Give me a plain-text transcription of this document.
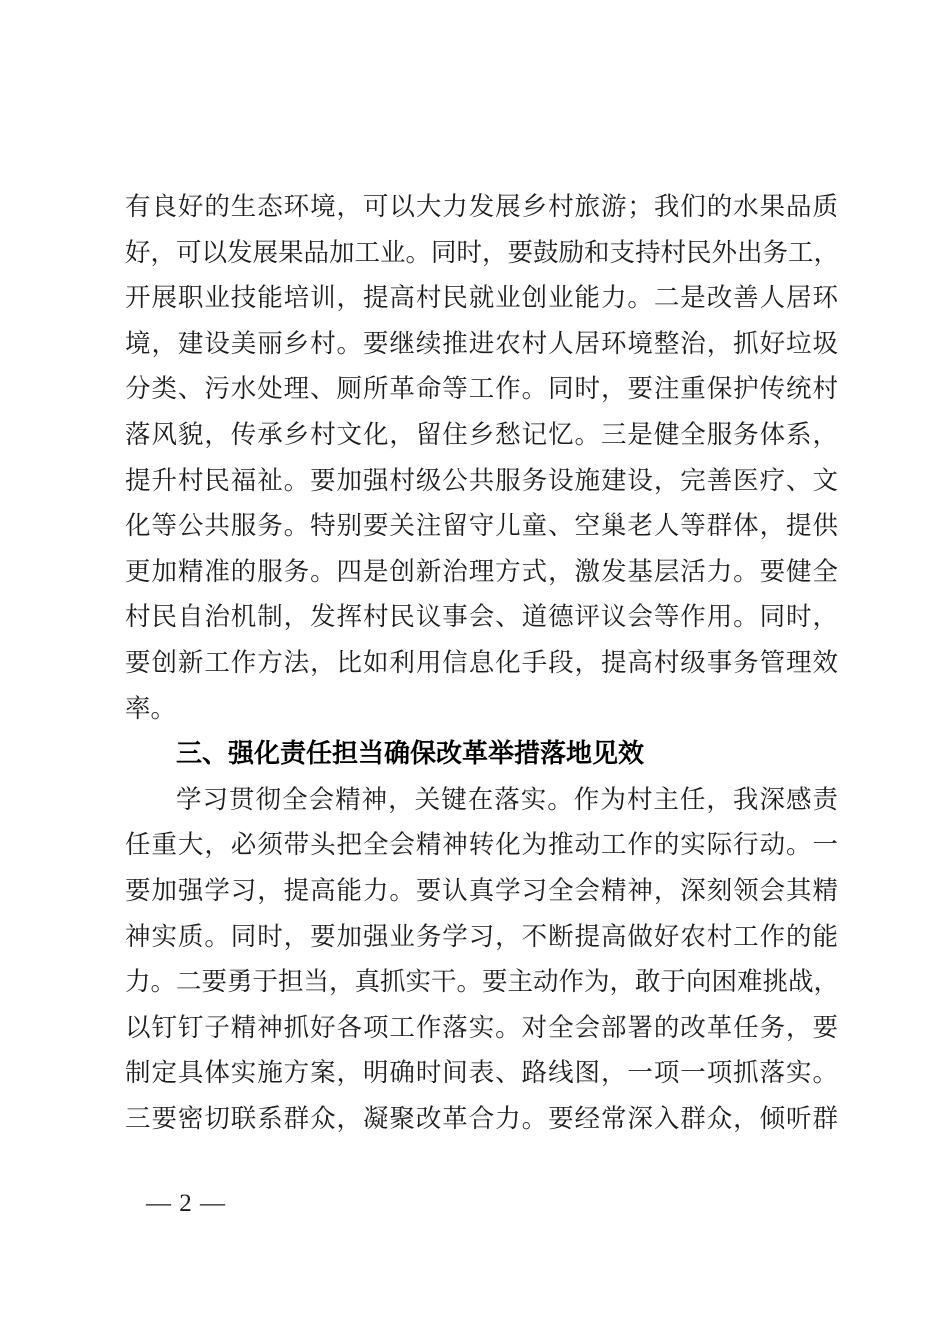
有良好的生态环境，可以大力发展乡村旅游；我们的水果品质
好，可以发展果品加工业。同时，要鼓励和支持村民外出务工，
开展职业技能培训，提高村民就业创业能力。二是改善人居环
境，建设美丽乡村。要继续推进农村人居环境整治，抓好垃圾
分类、污水处理、厕所革命等工作。同时，要注重保护传统村
落风貌，传承乡村文化，留住乡愁记忆。三是健全服务体系，
提升村民福祉。要加强村级公共服务设施建设，完善医疗、文
化等公共服务。特别要关注留守儿童、空巢老人等群体，提供
更加精准的服务。四是创新治理方式，激发基层活力。要健全
村民自治机制，发挥村民议事会、道德评议会等作用。同时，
要创新工作方法，比如利用信息化手段，提高村级事务管理效
率。
三、强化责任担当确保改革举措落地见效
学习贯彻全会精神，关键在落实。作为村主任，我深感责
任重大，必须带头把全会精神转化为推动工作的实际行动。一
要加强学习，提高能力。要认真学习全会精神，深刻领会其精
神实质。同时，要加强业务学习，不断提高做好农村工作的能
力。二要勇于担当，真抓实干。要主动作为，敢于向困难挑战，
以钉钉子精神抓好各项工作落实。对全会部署的改革任务，要
制定具体实施方案，明确时间表、路线图，一项一项抓落实。
三要密切联系群众，凝聚改革合力。要经常深入群众，倾听群
— 2 —
